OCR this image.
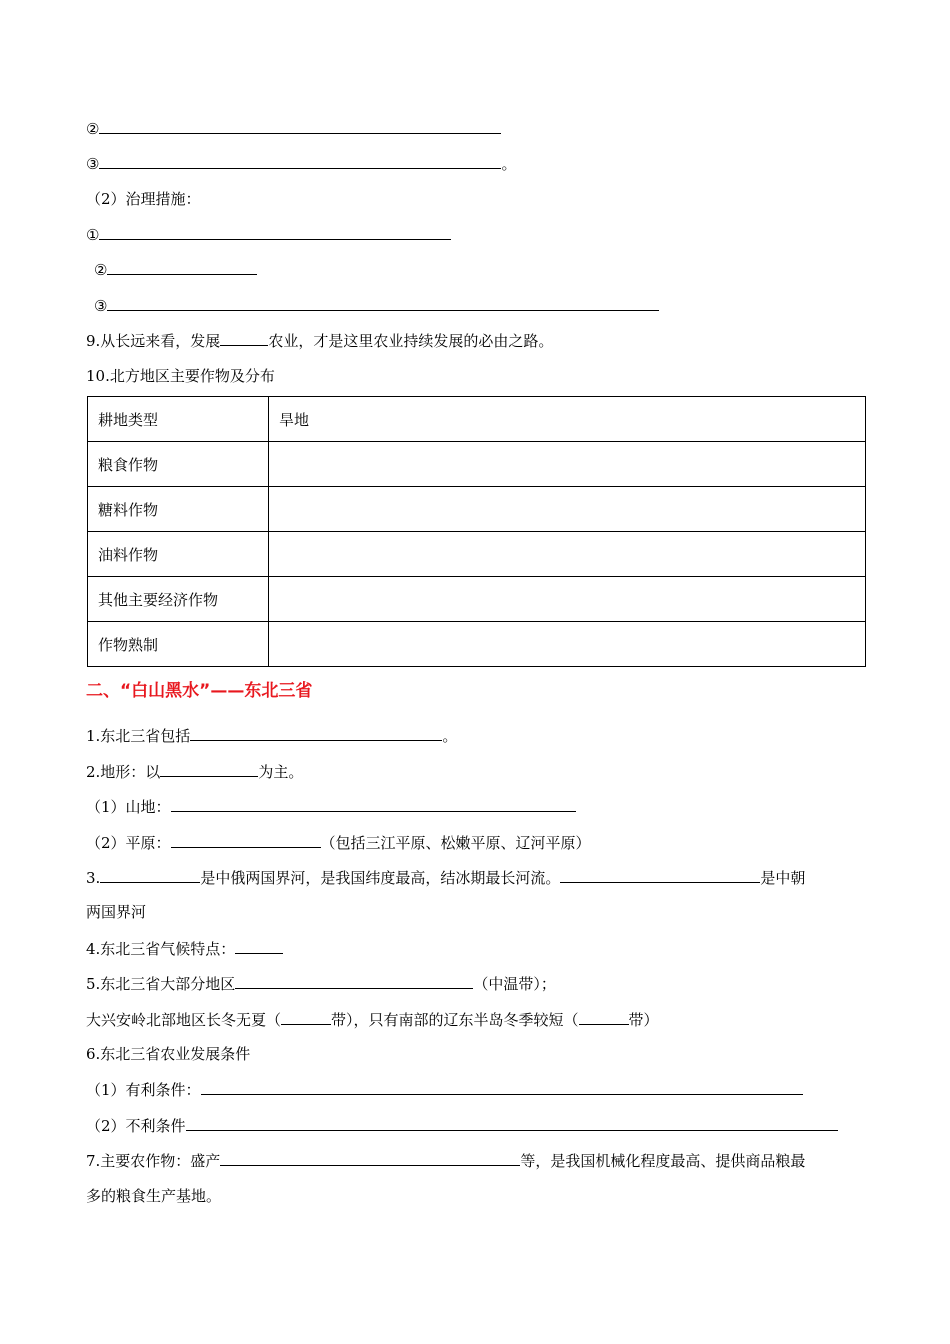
②
③	。
（2）治理措施：
①
②
③
9.从长远来看，发展	农业，才是这里农业持续发展的必由之路。
10.北方地区主要作物及分布
耕地类型	旱地
粮食作物	
糖料作物	
油料作物	
其他主要经济作物	
作物熟制	
二、“白山黑水”——东北三省
1.东北三省包括	。
2.地形：以	为主。
（1）山地：
（2）平原：	（包括三江平原、松嫩平原、辽河平原）
3.	是中俄两国界河，是我国纬度最高，结冰期最长河流。	是中朝
两国界河
4.东北三省气候特点：
5.东北三省大部分地区	（中温带）；
大兴安岭北部地区长冬无夏（	带），只有南部的辽东半岛冬季较短（	带）
6.东北三省农业发展条件
（1）有利条件：
（2）不利条件
7.主要农作物：盛产	等，是我国机械化程度最高、提供商品粮最
多的粮食生产基地。
